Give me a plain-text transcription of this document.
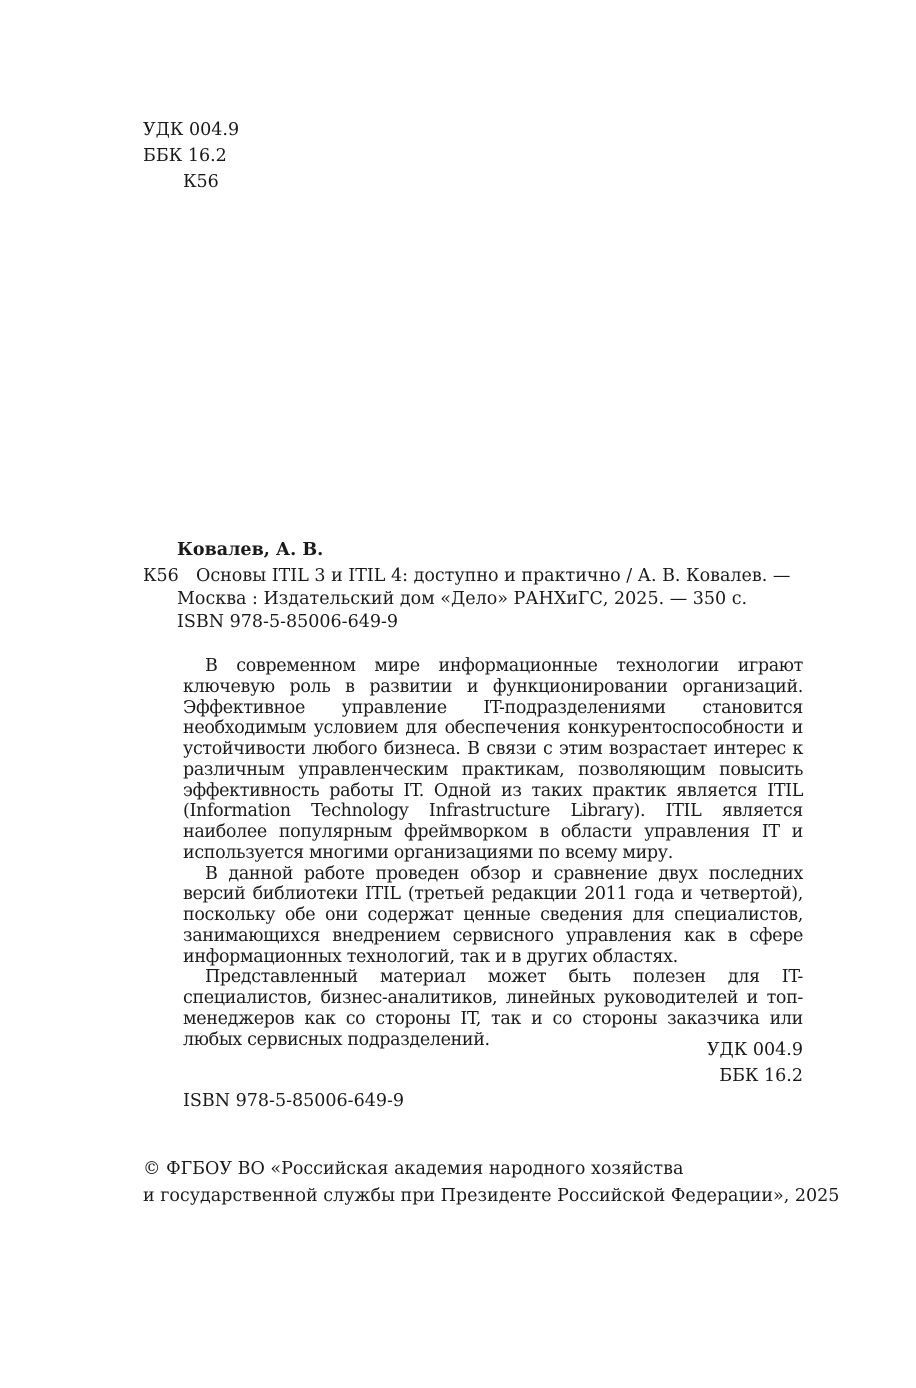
УДК 004.9
ББК 16.2
К56
Ковалев, А. В.
К56 Основы ITIL 3 и ITIL 4: доступно и практично / А. В. Ковалев. —
Москва : Издательский дом «Дело» РАНХиГС, 2025. — 350 с.
ISBN 978-5-85006-649-9

В современном мире информационные технологии играют ключевую роль в развитии и функционировании организаций. Эффективное управление IT-подразделениями становится необходимым условием для обеспечения конкурентоспособности и устойчивости любого бизнеса. В связи с этим возрастает интерес к различным управленческим практикам, позволяющим повысить эффективность работы IT. Одной из таких практик является ITIL (Information Technology Infrastructure Library). ITIL является наиболее популярным фреймворком в области управления IT и используется многими организациями по всему миру.

В данной работе проведен обзор и сравнение двух последних версий библиотеки ITIL (третьей редакции 2011 года и четвертой), поскольку обе они содержат ценные сведения для специалистов, занимающихся внедрением сервисного управления как в сфере информационных технологий, так и в других областях.

Представленный материал может быть полезен для IT-специалистов, бизнес-аналитиков, линейных руководителей и топ-менеджеров как со стороны IT, так и со стороны заказчика или любых сервисных подразделений.

УДК 004.9
ББК 16.2
ISBN 978-5-85006-649-9
© ФГБОУ ВО «Российская академия народного хозяйства
и государственной службы при Президенте Российской Федерации», 2025
